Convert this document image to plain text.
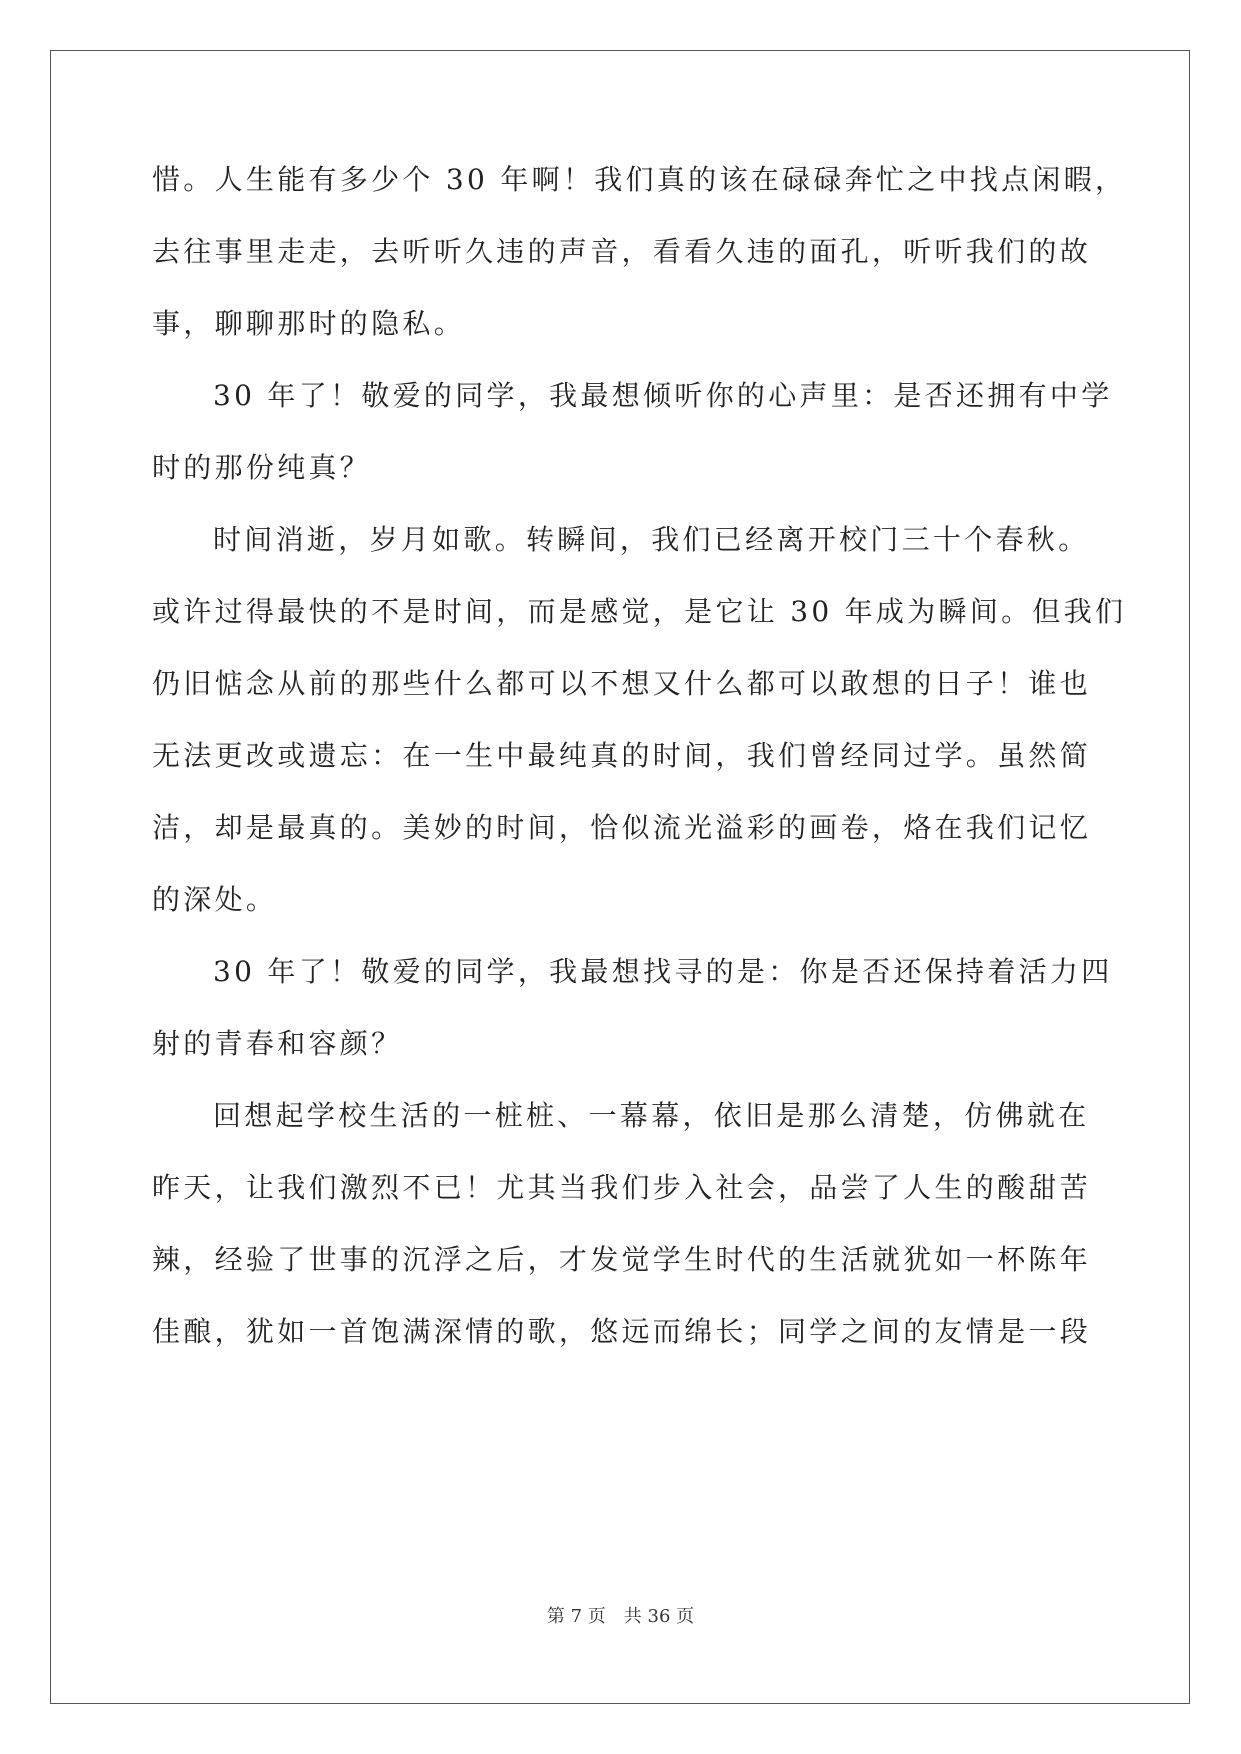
惜。人生能有多少个 30 年啊！我们真的该在碌碌奔忙之中找点闲暇，
去往事里走走，去听听久违的声音，看看久违的面孔，听听我们的故
事，聊聊那时的隐私。
30 年了！敬爱的同学，我最想倾听你的心声里：是否还拥有中学
时的那份纯真？
时间消逝，岁月如歌。转瞬间，我们已经离开校门三十个春秋。
或许过得最快的不是时间，而是感觉，是它让 30 年成为瞬间。但我们
仍旧惦念从前的那些什么都可以不想又什么都可以敢想的日子！谁也
无法更改或遗忘：在一生中最纯真的时间，我们曾经同过学。虽然简
洁，却是最真的。美妙的时间，恰似流光溢彩的画卷，烙在我们记忆
的深处。
30 年了！敬爱的同学，我最想找寻的是：你是否还保持着活力四
射的青春和容颜？
回想起学校生活的一桩桩、一幕幕，依旧是那么清楚，仿佛就在
昨天，让我们激烈不已！尤其当我们步入社会，品尝了人生的酸甜苦
辣，经验了世事的沉浮之后，才发觉学生时代的生活就犹如一杯陈年
佳酿，犹如一首饱满深情的歌，悠远而绵长；同学之间的友情是一段
第 7 页 共 36 页
